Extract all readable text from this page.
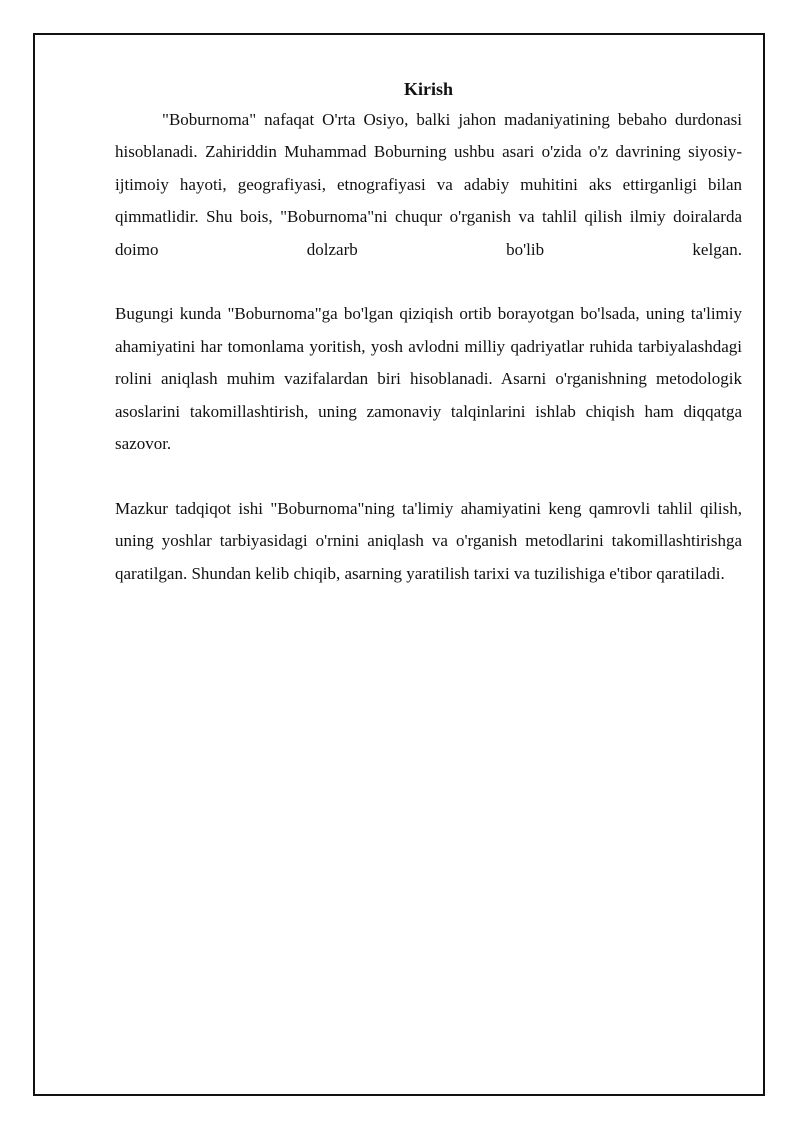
Kirish

"Boburnoma" nafaqat O'rta Osiyo, balki jahon madaniyatining bebaho durdonasi hisoblanadi. Zahiriddin Muhammad Boburning ushbu asari o'zida o'z davrining siyosiy-ijtimoiy hayoti, geografiyasi, etnografiyasi va adabiy muhitini aks ettirganligi bilan qimmatlidir. Shu bois, "Boburnoma"ni chuqur o'rganish va tahlil qilish ilmiy doiralarda doimo dolzarb bo'lib kelgan.

Bugungi kunda "Boburnoma"ga bo'lgan qiziqish ortib borayotgan bo'lsada, uning ta'limiy ahamiyatini har tomonlama yoritish, yosh avlodni milliy qadriyatlar ruhida tarbiyalashdagi rolini aniqlash muhim vazifalardan biri hisoblanadi. Asarni o'rganishning metodologik asoslarini takomillashtirish, uning zamonaviy talqinlarini ishlab chiqish ham diqqatga sazovor.

Mazkur tadqiqot ishi "Boburnoma"ning ta'limiy ahamiyatini keng qamrovli tahlil qilish, uning yoshlar tarbiyasidagi o'rnini aniqlash va o'rganish metodlarini takomillashtirishga qaratilgan. Shundan kelib chiqib, asarning yaratilish tarixi va tuzilishiga e'tibor qaratiladi.
